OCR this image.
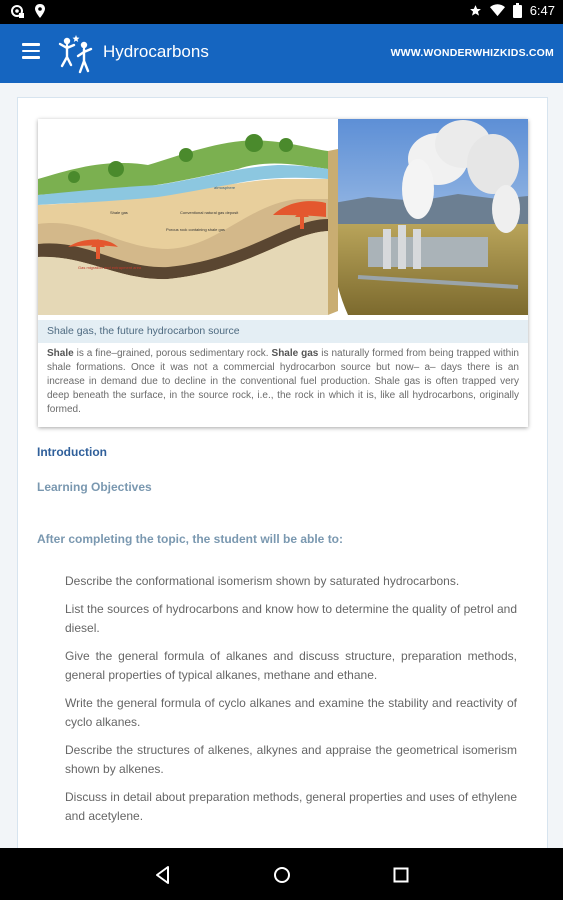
6:47
Hydrocarbons	WWW.WONDERWHIZKIDS.COM
atmosphere
Shale gas	Conventional natural gas deposit
Porous rock containing shale gas
Gas migration and entrapment area
Shale gas, the future hydrocarbon source
Shale is a fine–grained, porous sedimentary rock. Shale gas is naturally formed from being trapped within shale formations. Once it was not a commercial hydrocarbon source but now– a– days there is an increase in demand due to decline in the conventional fuel production. Shale gas is often trapped very deep beneath the surface, in the source rock, i.e., the rock in which it is, like all hydrocarbons, originally formed.
Introduction
Learning Objectives
After completing the topic, the student will be able to:
Describe the conformational isomerism shown by saturated hydrocarbons.
List the sources of hydrocarbons and know how to determine the quality of petrol and diesel.
Give the general formula of alkanes and discuss structure, preparation methods, general properties of typical alkanes, methane and ethane.
Write the general formula of cyclo alkanes and examine the stability and reactivity of cyclo alkanes.
Describe the structures of alkenes, alkynes and appraise the geometrical isomerism shown by alkenes.
Discuss in detail about preparation methods, general properties and uses of ethylene and acetylene.
